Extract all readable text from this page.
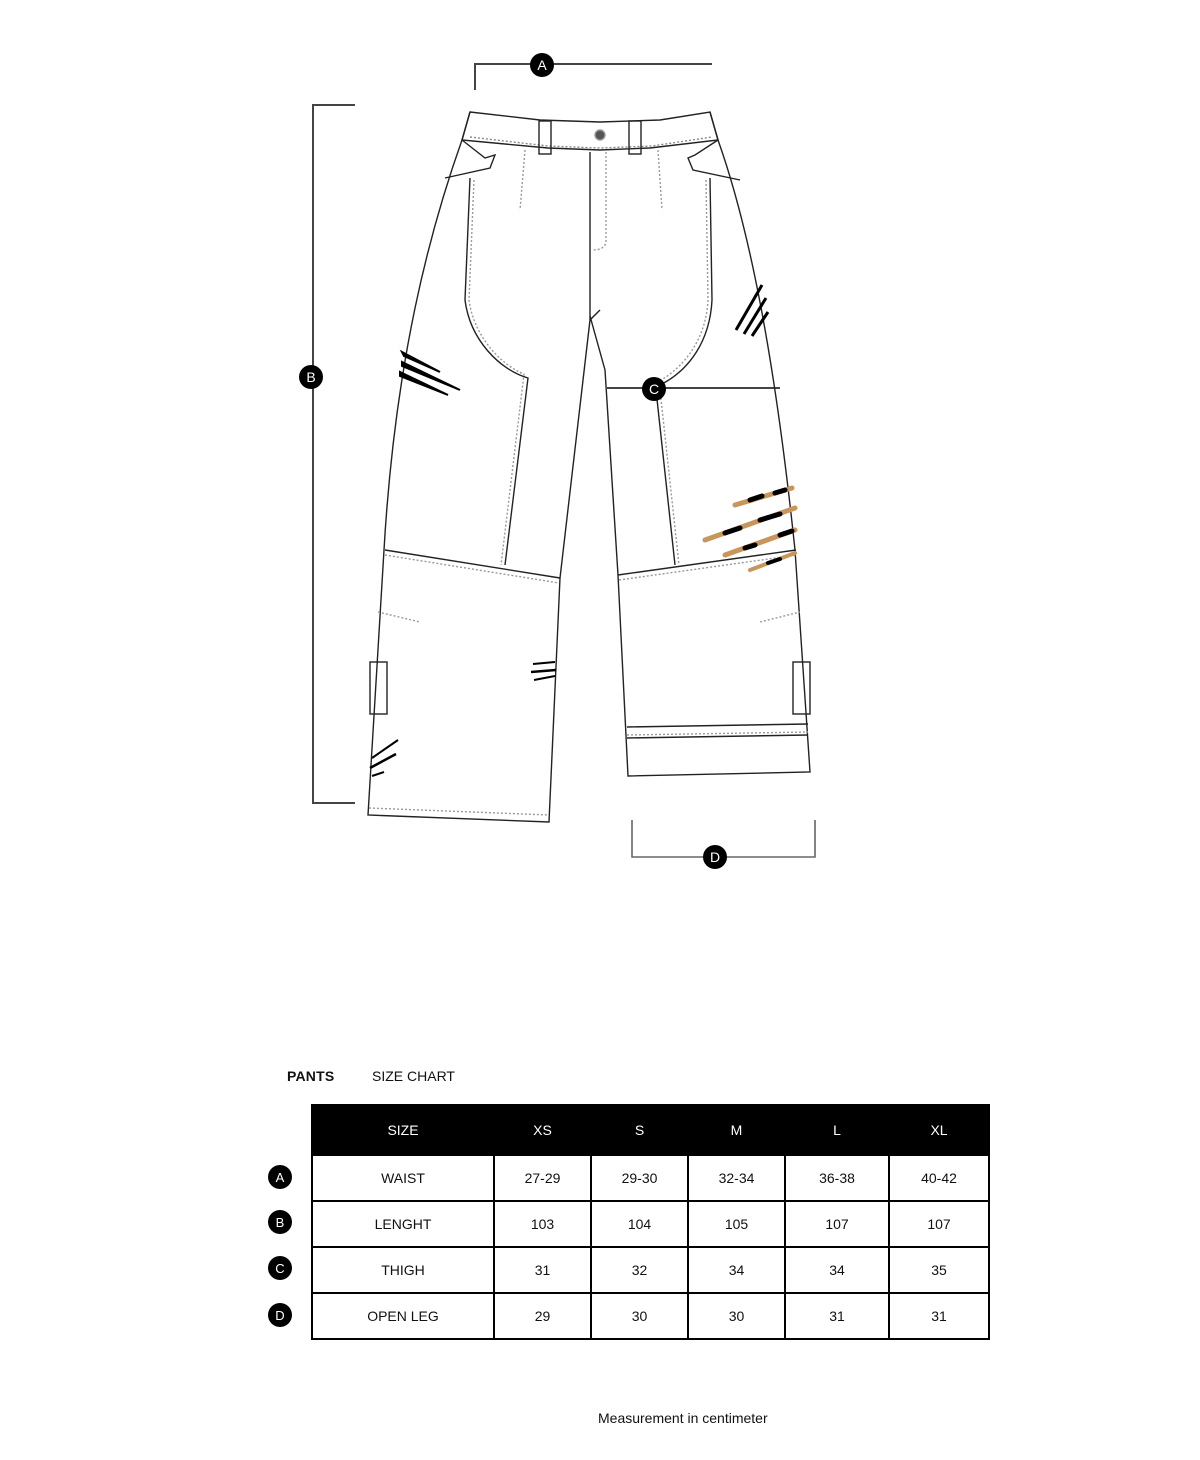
A
B
C
D
PANTS	SIZE CHART
A
B
C
D
SIZE	XS	S	M	L	XL
WAIST	27-29	29-30	32-34	36-38	40-42
LENGHT	103	104	105	107	107
THIGH	31	32	34	34	35
OPEN LEG	29	30	30	31	31
Measurement in centimeter
